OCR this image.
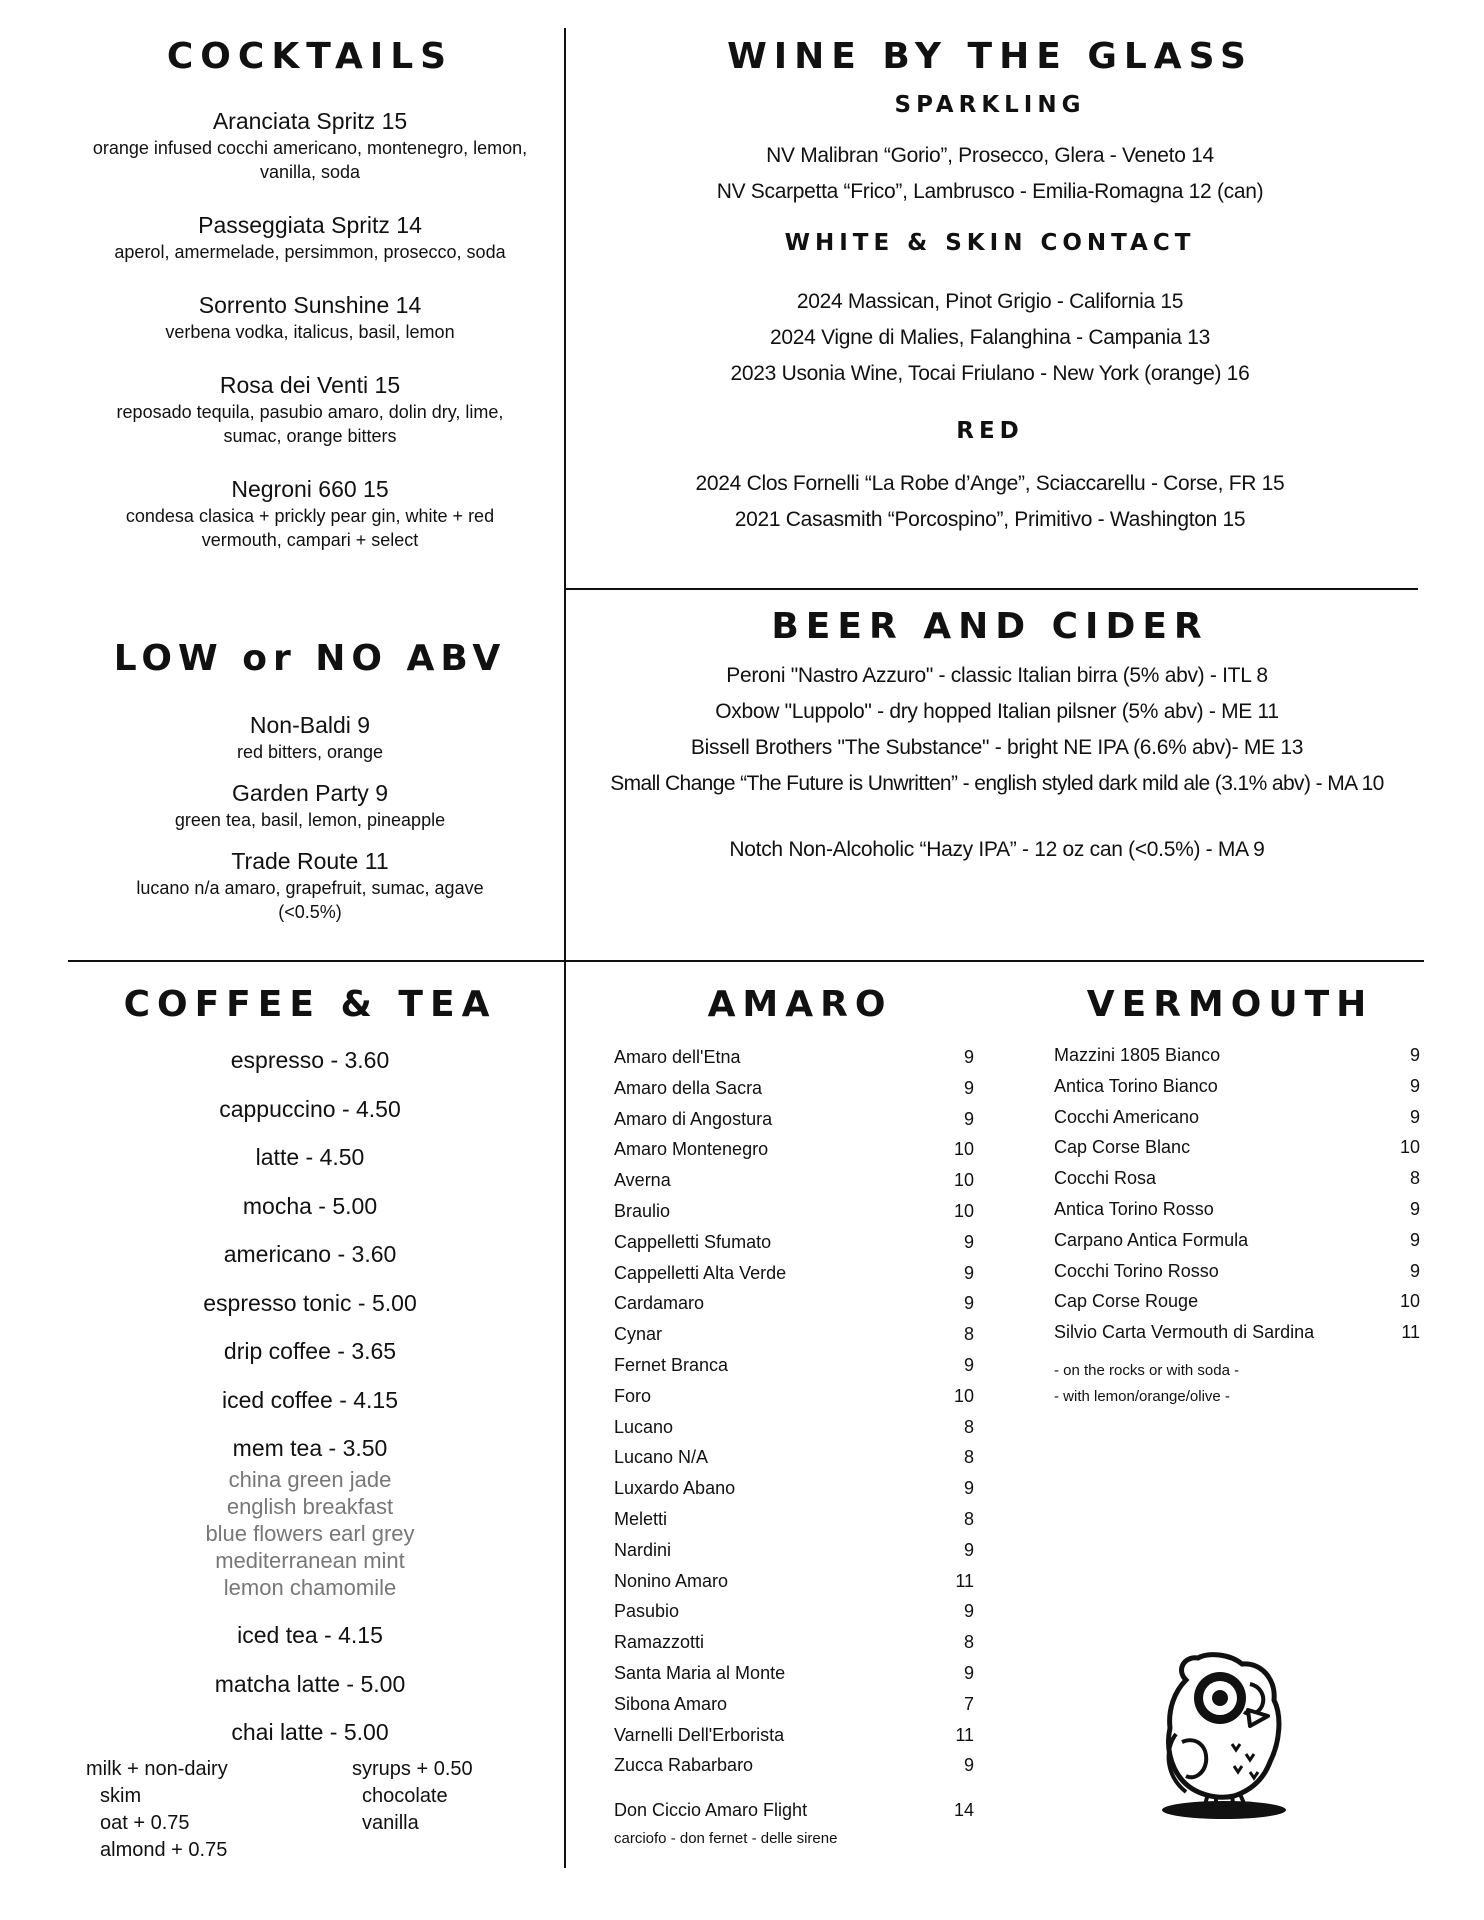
COCKTAILS
Aranciata Spritz 15
orange infused cocchi americano, montenegro, lemon, vanilla, soda
Passeggiata Spritz 14
aperol, amermelade, persimmon, prosecco, soda
Sorrento Sunshine 14
verbena vodka, italicus, basil, lemon
Rosa dei Venti 15
reposado tequila, pasubio amaro, dolin dry, lime, sumac, orange bitters
Negroni 660 15
condesa clasica + prickly pear gin, white + red vermouth, campari + select
LOW or NO ABV
Non-Baldi 9
red bitters, orange
Garden Party 9
green tea, basil, lemon, pineapple
Trade Route 11
lucano n/a amaro, grapefruit, sumac, agave (<0.5%)
WINE BY THE GLASS
SPARKLING
NV Malibran “Gorio”, Prosecco, Glera - Veneto 14
NV Scarpetta “Frico”, Lambrusco - Emilia-Romagna 12 (can)
WHITE & SKIN CONTACT
2024 Massican, Pinot Grigio - California 15
2024 Vigne di Malies, Falanghina - Campania 13
2023 Usonia Wine, Tocai Friulano - New York (orange) 16
RED
2024 Clos Fornelli “La Robe d’Ange”, Sciaccarellu - Corse, FR 15
2021 Casasmith “Porcospino”, Primitivo - Washington 15
BEER AND CIDER
Peroni "Nastro Azzuro" - classic Italian birra (5% abv) - ITL 8
Oxbow "Luppolo" - dry hopped Italian pilsner (5% abv) - ME 11
Bissell Brothers "The Substance" - bright NE IPA (6.6% abv)- ME 13
Small Change “The Future is Unwritten” - english styled dark mild ale (3.1% abv) - MA 10
Notch Non-Alcoholic “Hazy IPA” - 12 oz can (<0.5%) - MA 9
COFFEE & TEA
espresso - 3.60
cappuccino - 4.50
latte - 4.50
mocha - 5.00
americano - 3.60
espresso tonic - 5.00
drip coffee - 3.65
iced coffee - 4.15
mem tea - 3.50
china green jade
english breakfast
blue flowers earl grey
mediterranean mint
lemon chamomile
iced tea - 4.15
matcha latte - 5.00
chai latte - 5.00
milk + non-dairy
skim
oat + 0.75
almond + 0.75
syrups + 0.50
chocolate
vanilla
AMARO
Amaro dell'Etna	9
Amaro della Sacra	9
Amaro di Angostura	9
Amaro Montenegro	10
Averna	10
Braulio	10
Cappelletti Sfumato	9
Cappelletti Alta Verde	9
Cardamaro	9
Cynar	8
Fernet Branca	9
Foro	10
Lucano	8
Lucano N/A	8
Luxardo Abano	9
Meletti	8
Nardini	9
Nonino Amaro	11
Pasubio	9
Ramazzotti	8
Santa Maria al Monte	9
Sibona Amaro	7
Varnelli Dell'Erborista	11
Zucca Rabarbaro	9
Don Ciccio Amaro Flight	14
carciofo - don fernet - delle sirene
VERMOUTH
Mazzini 1805 Bianco	9
Antica Torino Bianco	9
Cocchi Americano	9
Cap Corse Blanc	10
Cocchi Rosa	8
Antica Torino Rosso	9
Carpano Antica Formula	9
Cocchi Torino Rosso	9
Cap Corse Rouge	10
Silvio Carta Vermouth di Sardina	11
- on the rocks or with soda -
- with lemon/orange/olive -
